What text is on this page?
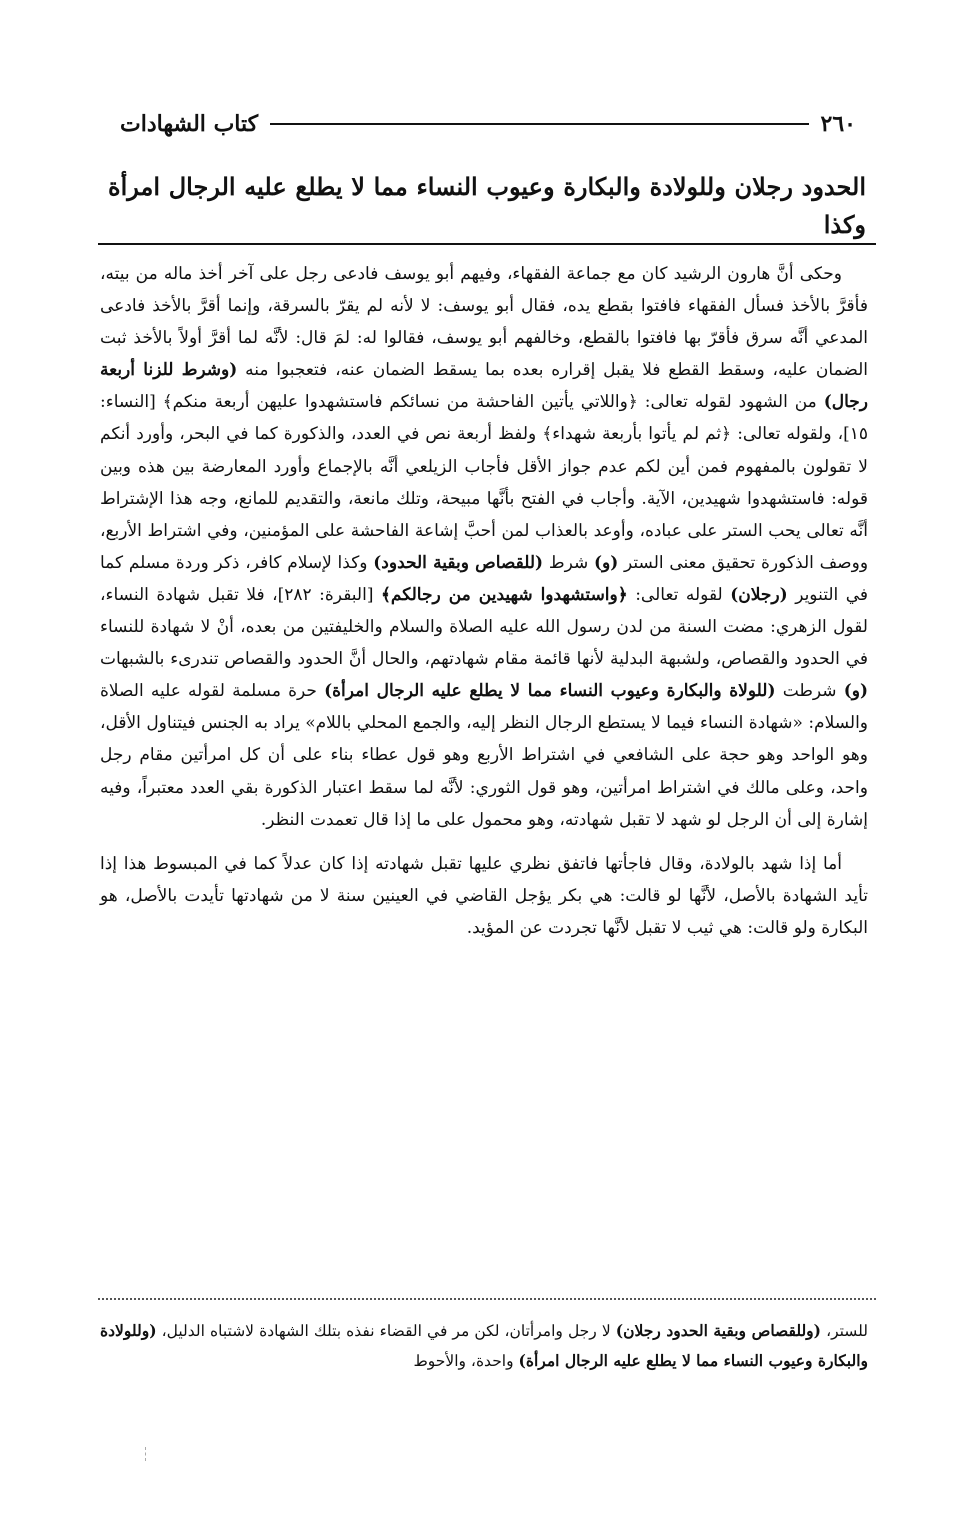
٢٦٠
كتاب الشهادات
الحدود رجلان وللولادة والبكارة وعيوب النساء مما لا يطلع عليه الرجال امرأة وكذا

وحكى أنَّ هارون الرشيد كان مع جماعة الفقهاء، وفيهم أبو يوسف فادعى رجل على آخر أخذ ماله من بيته، فأقرَّ بالأخذ فسأل الفقهاء فافتوا بقطع يده، فقال أبو يوسف: لا لأنه لم يقرّ بالسرقة، وإنما أقرَّ بالأخذ فادعى المدعي أنَّه سرق فأقرّ بها فافتوا بالقطع، وخالفهم أبو يوسف، فقالوا له: لمَ قال: لأنَّه لما أقرَّ أولاً بالأخذ ثبت الضمان عليه، وسقط القطع فلا يقبل إقراره بعده بما يسقط الضمان عنه، فتعجبوا منه (وشرط للزنا أربعة رجال) من الشهود لقوله تعالى: ﴿واللاتي يأتين الفاحشة من نسائكم فاستشهدوا عليهن أربعة منكم﴾ [النساء: ١٥]، ولقوله تعالى: ﴿ثم لم يأتوا بأربعة شهداء﴾ ولفظ أربعة نص في العدد، والذكورة كما في البحر، وأورد أنكم لا تقولون بالمفهوم فمن أين لكم عدم جواز الأقل فأجاب الزيلعي أنَّه بالإجماع وأورد المعارضة بين هذه وبين قوله: فاستشهدوا شهيدين، الآية. وأجاب في الفتح بأنَّها مبيحة، وتلك مانعة، والتقديم للمانع، وجه هذا الإشتراط أنَّه تعالى يحب الستر على عباده، وأوعد بالعذاب لمن أحبَّ إشاعة الفاحشة على المؤمنين، وفي اشتراط الأربع، ووصف الذكورة تحقيق معنى الستر (و) شرط (للقصاص وبقية الحدود) وكذا لإسلام كافر، ذكر وردة مسلم كما في التنوير (رجلان) لقوله تعالى: ﴿واستشهدوا شهيدين من رجالكم﴾ [البقرة: ٢٨٢]، فلا تقبل شهادة النساء، لقول الزهري: مضت السنة من لدن رسول الله عليه الصلاة والسلام والخليفتين من بعده، أنْ لا شهادة للنساء في الحدود والقصاص، ولشبهة البدلية لأنها قائمة مقام شهادتهم، والحال أنَّ الحدود والقصاص تندرىء بالشبهات (و) شرطت (للولاة والبكارة وعيوب النساء مما لا يطلع عليه الرجال امرأة) حرة مسلمة لقوله عليه الصلاة والسلام: «شهادة النساء فيما لا يستطع الرجال النظر إليه، والجمع المحلي باللام» يراد به الجنس فيتناول الأقل، وهو الواحد وهو حجة على الشافعي في اشتراط الأربع وهو قول عطاء بناء على أن كل امرأتين مقام رجل واحد، وعلى مالك في اشتراط امرأتين، وهو قول الثوري: لأنَّه لما سقط اعتبار الذكورة بقي العدد معتبراً، وفيه إشارة إلى أن الرجل لو شهد لا تقبل شهادته، وهو محمول على ما إذا قال تعمدت النظر.

أما إذا شهد بالولادة، وقال فاجأتها فاتفق نظري عليها تقبل شهادته إذا كان عدلاً كما في المبسوط هذا إذا تأيد الشهادة بالأصل، لأنَّها لو قالت: هي بكر يؤجل القاضي في العينين سنة لا من شهادتها تأيدت بالأصل، هو البكارة ولو قالت: هي ثيب لا تقبل لأنَّها تجردت عن المؤيد.

للستر، (وللقصاص وبقية الحدود رجلان) لا رجل وامرأتان، لكن مر في القضاء نفذه بتلك الشهادة لاشتباه الدليل، (وللولادة والبكارة وعيوب النساء مما لا يطلع عليه الرجال امرأة) واحدة، والأحوط
